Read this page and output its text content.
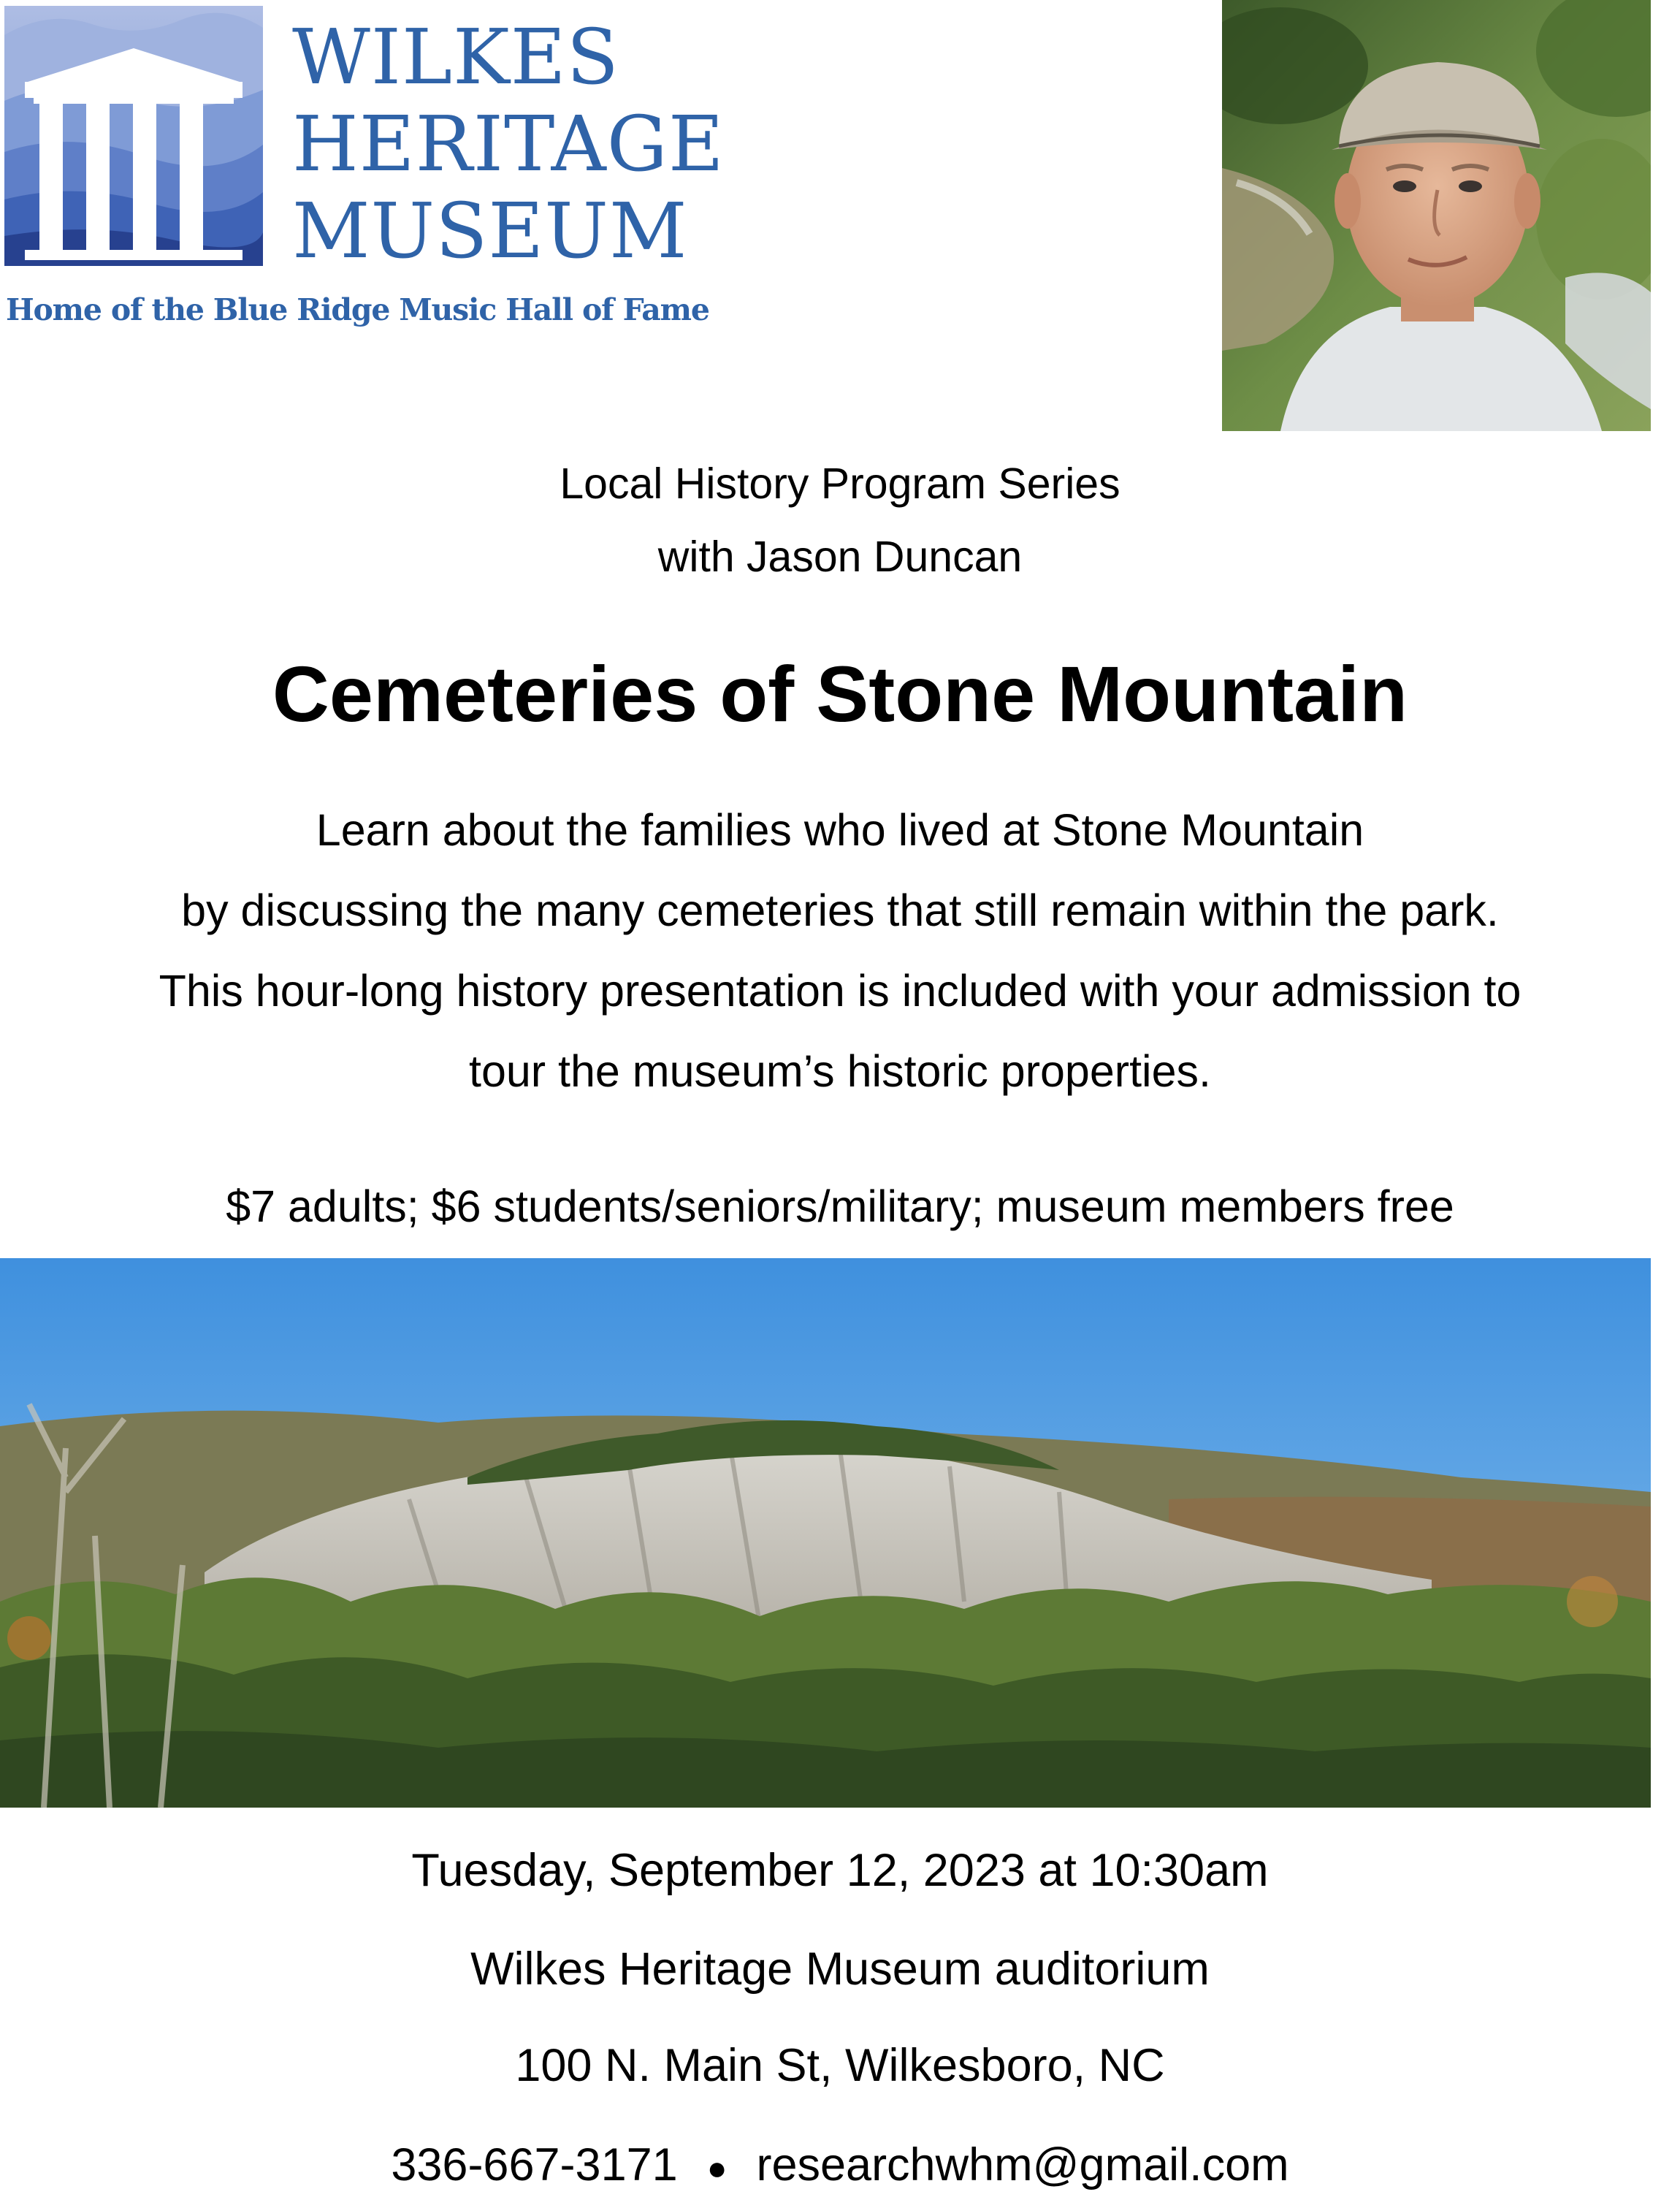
WILKES

HERITAGE

MUSEUM

Home of the Blue Ridge Music Hall of Fame

Local History Program Series

with Jason Duncan

Cemeteries of Stone Mountain

Learn about the families who lived at Stone Mountain

by discussing the many cemeteries that still remain within the park.

This hour-long history presentation is included with your admission to

tour the museum’s historic properties.

$7 adults; $6 students/seniors/military; museum members free

Tuesday, September 12, 2023 at 10:30am

Wilkes Heritage Museum auditorium

100 N. Main St, Wilkesboro, NC

336-667-3171 ● researchwhm@gmail.com
